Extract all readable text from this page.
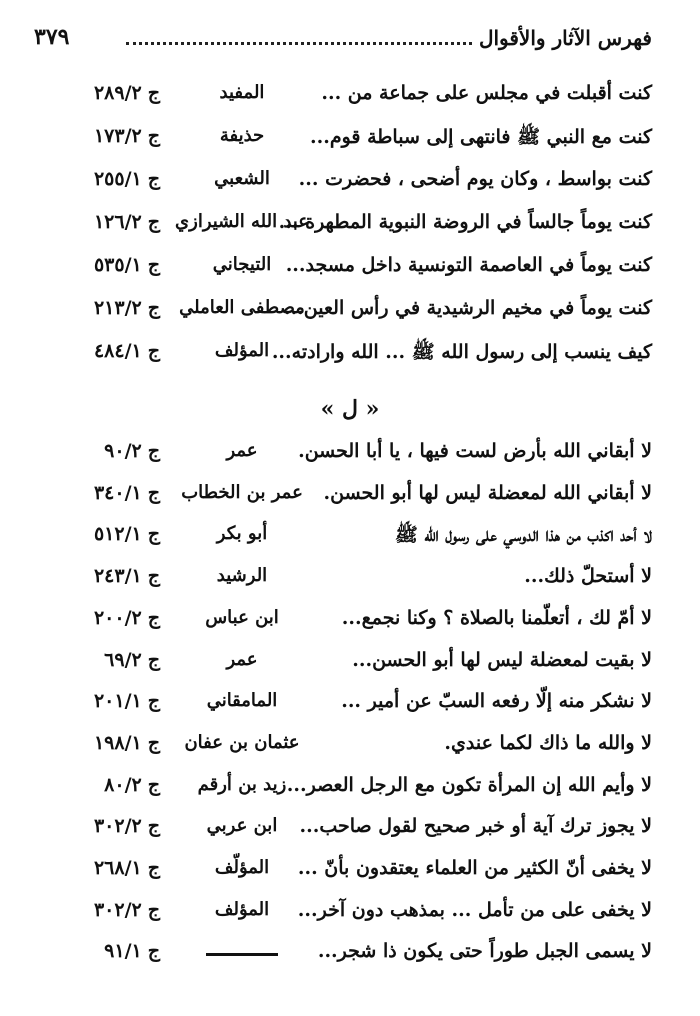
فهرس الآثار والأقوال
٣٧٩
« ل »
كنت أقبلت في مجلس على جماعة من ...
المفيد
ج٢٨٩/٢
كنت مع النبي ﷺ فانتهى إلى سباطة قوم...
حذيفة
ج١٧٣/٢
كنت بواسط ، وكان يوم أضحى ، فحضرت ...
الشعبي
ج٢٥٥/١
كنت يوماً جالساً في الروضة النبوية المطهرة ...
عبد الله الشيرازي
ج١٢٦/٢
كنت يوماً في العاصمة التونسية داخل مسجد...
التيجاني
ج٥٣٥/١
كنت يوماً في مخيم الرشيدية في رأس العين...
مصطفى العاملي
ج٢١٣/٢
كيف ينسب إلى رسول الله ﷺ ... الله وارادته...
المؤلف
ج٤٨٤/١
لا أبقاني الله بأرض لست فيها ، يا أبا الحسن.
عمر
ج٩٠/٢
لا أبقاني الله لمعضلة ليس لها أبو الحسن.
عمر بن الخطاب
ج٣٤٠/١
لا أحد اكذب من هذا الدوسي على رسول الله ﷺ
أبو بكر
ج٥١٢/١
لا أستحلّ ذلك...
الرشيد
ج٢٤٣/١
لا أمّ لك ، أتعلّمنا بالصلاة ؟ وكنا نجمع...
ابن عباس
ج٢٠٠/٢
لا بقيت لمعضلة ليس لها أبو الحسن...
عمر
ج٦٩/٢
لا نشكر منه إلّا رفعه السبّ عن أمير ...
المامقاني
ج٢٠١/١
لا والله ما ذاك لكما عندي.
عثمان بن عفان
ج١٩٨/١
لا وأيم الله إن المرأة تكون مع الرجل العصر...
زيد بن أرقم
ج٨٠/٢
لا يجوز ترك آية أو خبر صحيح لقول صاحب...
ابن عربي
ج٣٠٢/٢
لا يخفى أنّ الكثير من العلماء يعتقدون بأنّ ...
المؤلّف
ج٢٦٨/١
لا يخفى على من تأمل ... بمذهب دون آخر...
المؤلف
ج٣٠٢/٢
لا يسمى الجبل طوراً حتى يكون ذا شجر...
ج٩١/١
